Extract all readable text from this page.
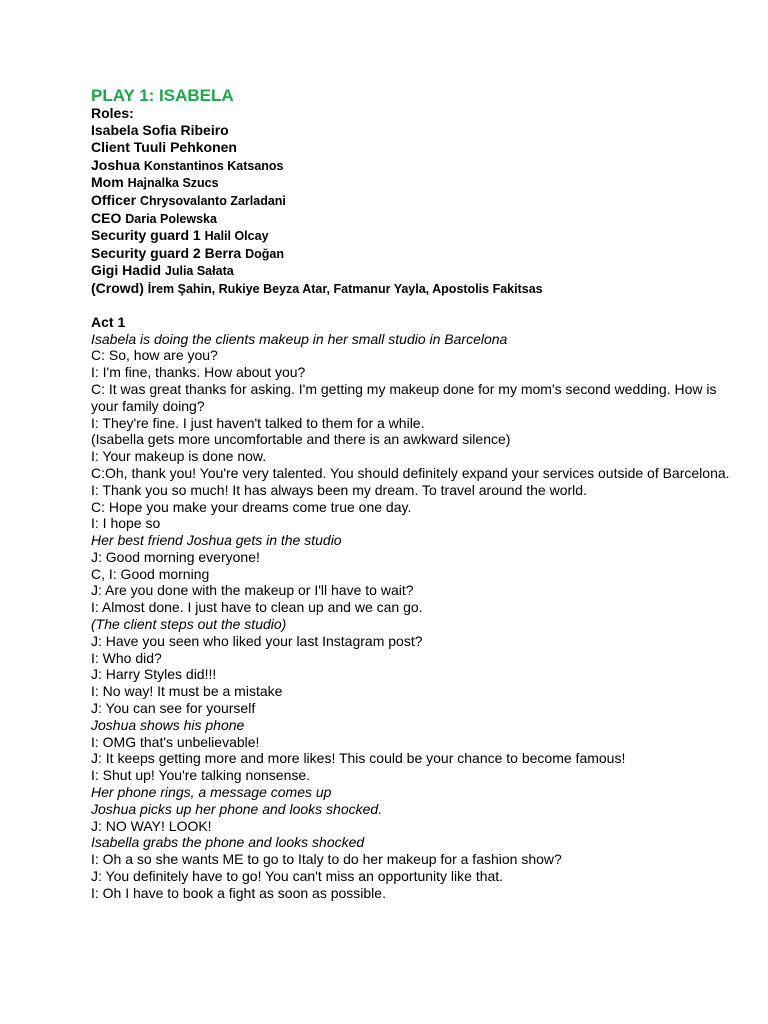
PLAY 1: ISABELA
Roles:

Isabela Sofia Ribeiro

Client Tuuli Pehkonen

Joshua Konstantinos Katsanos

Mom Hajnalka Szucs

Officer Chrysovalanto Zarladani

CEO Daria Polewska

Security guard 1 Halil Olcay

Security guard 2 Berra Doğan

Gigi Hadid Julia Sałata

(Crowd) İrem Şahin, Rukiye Beyza Atar, Fatmanur Yayla, Apostolis Fakitsas

Act 1

Isabela is doing the clients makeup in her small studio in Barcelona

C: So, how are you?

I: I'm fine, thanks. How about you?

C: It was great thanks for asking. I'm getting my makeup done for my mom's second wedding. How is your family doing?

I: They're fine. I just haven't talked to them for a while.

(Isabella gets more uncomfortable and there is an awkward silence)

I: Your makeup is done now.

C:Oh, thank you! You're very talented. You should definitely expand your services outside of Barcelona.

I: Thank you so much! It has always been my dream. To travel around the world.

C: Hope you make your dreams come true one day.

I: I hope so

Her best friend Joshua gets in the studio

J: Good morning everyone!

C, I: Good morning

J: Are you done with the makeup or I'll have to wait?

I: Almost done. I just have to clean up and we can go.

(The client steps out the studio)

J: Have you seen who liked your last Instagram post?

I: Who did?

J: Harry Styles did!!!

I: No way! It must be a mistake

J: You can see for yourself

Joshua shows his phone

I: OMG that's unbelievable!

J: It keeps getting more and more likes! This could be your chance to become famous!

I: Shut up! You're talking nonsense.

Her phone rings, a message comes up

Joshua picks up her phone and looks shocked.

J: NO WAY! LOOK!

Isabella grabs the phone and looks shocked

I: Oh a so she wants ME to go to Italy to do her makeup for a fashion show?

J: You definitely have to go! You can't miss an opportunity like that.

I: Oh I have to book a fight as soon as possible.
